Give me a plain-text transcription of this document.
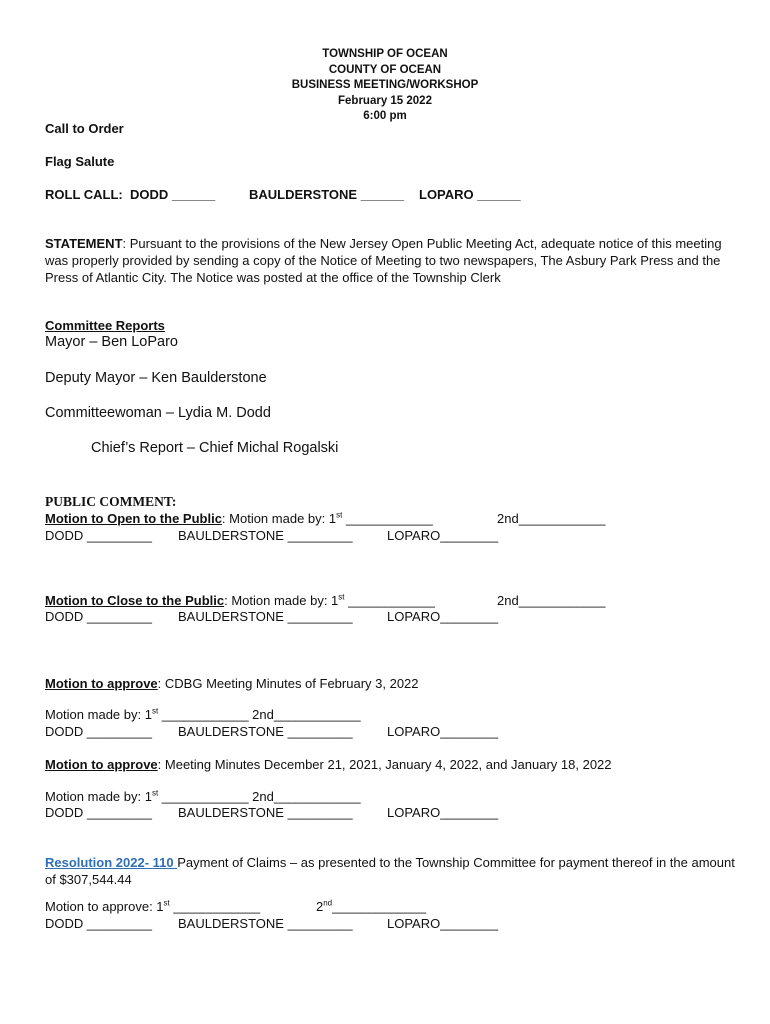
TOWNSHIP OF OCEAN
COUNTY OF OCEAN
BUSINESS MEETING/WORKSHOP
February 15 2022
6:00 pm
Call to Order
Flag Salute
ROLL CALL: DODD ______	BAULDERSTONE ______ LOPARO ______
STATEMENT: Pursuant to the provisions of the New Jersey Open Public Meeting Act, adequate notice of this meeting was properly provided by sending a copy of the Notice of Meeting to two newspapers, The Asbury Park Press and the Press of Atlantic City. The Notice was posted at the office of the Township Clerk
Committee Reports
Mayor – Ben LoParo
Deputy Mayor – Ken Baulderstone
Committeewoman – Lydia M. Dodd
Chief’s Report – Chief Michal Rogalski
PUBLIC COMMENT:
Motion to Open to the Public: Motion made by: 1st ____________	2nd____________
DODD _________ BAULDERSTONE _________	LOPARO________
Motion to Close to the Public: Motion made by: 1st ____________	2nd____________
DODD _________ BAULDERSTONE _________	LOPARO________
Motion to approve: CDBG Meeting Minutes of February 3, 2022
Motion made by: 1st ____________ 2nd____________
DODD _________ BAULDERSTONE _________	LOPARO________
Motion to approve: Meeting Minutes December 21, 2021, January 4, 2022, and January 18, 2022
Motion made by: 1st ____________ 2nd____________
DODD _________ BAULDERSTONE _________	LOPARO________
Resolution 2022- 110 Payment of Claims – as presented to the Township Committee for payment thereof in the amount of $307,544.44
Motion to approve: 1st ____________	2nd_____________
DODD _________ BAULDERSTONE _________	LOPARO________
